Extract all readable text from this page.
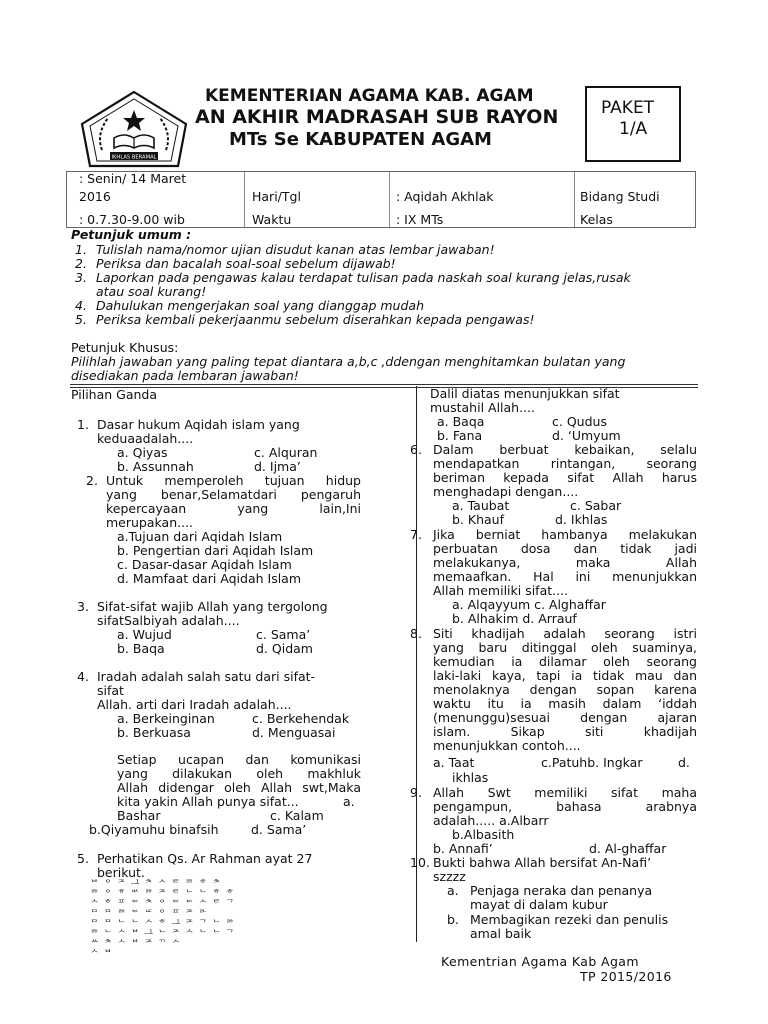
IKHLAS BERAMAL
KEMENTERIAN AGAMA KAB. AGAM
AN AKHIR MADRASAH SUB RAYON
MTs Se KABUPATEN AGAM
PAKET
1/A
: Senin/ 14 Maret
2016	Hari/Tgl	: Aqidah Akhlak	Bidang Studi
: 0.7.30-9.00 wib	Waktu	: IX MTs	Kelas
Petunjuk umum :
1. Tulislah nama/nomor ujian disudut kanan atas lembar jawaban!
2. Periksa dan bacalah soal-soal sebelum dijawab!
3. Laporkan pada pengawas kalau terdapat tulisan pada naskah soal kurang jelas,rusak
atau soal kurang!
4. Dahulukan mengerjakan soal yang dianggap mudah
5. Periksa kembali pekerjaanmu sebelum diserahkan kepada pengawas!
Petunjuk Khusus:
Pilihlah jawaban yang paling tepat diantara a,b,c ,ddengan menghitamkan bulatan yang
disediakan pada lembaran jawaban!
Pilihan Ganda
1. Dasar hukum Aqidah islam yang
keduaadalah....
a. Qiyas	c. Alquran
b. Assunnah	d. Ijma’
2. Untuk memperoleh tujuan hidup
yang benar,Selamatdari pengaruh
kepercayaan yang lain,Ini
merupakan....
a.Tujuan dari Aqidah Islam
b. Pengertian dari Aqidah Islam
c. Dasar-dasar Aqidah Islam
d. Mamfaat dari Aqidah Islam
3. Sifat-sifat wajib Allah yang tergolong
sifatSalbiyah adalah....
a. Wujud	c. Sama’
b. Baqa	d. Qidam
4. Iradah adalah salah satu dari sifat-
sifat
Allah. arti dari Iradah adalah....
a. Berkeinginan	c. Berkehendak
b. Berkuasa	d. Menguasai
Setiap ucapan dan komunikasi
yang dilakukan oleh makhluk
Allah didengar oleh Allah swt,Maka
kita yakin Allah punya sifat...	a.
Bashar	c. Kalam
b.Qiyamuhu binafsih	d. Sama’
5. Perhatikan Qs. Ar Rahman ayat 27
berikut.
ᄇ ᄋ ᄌ ᆜ ᄎ ᄉ ᄐ ᄙ ᄒ ᄎ
ᄚ ᄋ ᄒ ᄡ ᄚ ᄌ ᄐ ᄂ ᄂ ᄒ ᄒ
ᄉ ᄒ ᄑ ᄃ ᄎ ᄋ ᄃ ᄃ ᄉ ᄐ ᄀ
ᄆ ᄆ ᄚ ᄃ ᄕ ᄋ ᄑ ᄌ ᄘ
ᄆ ᄆ ᄂ ᄂ ᄉ ᄒ ᆜ ᄌ ᄀ ᄂ ᄚ
ᄚ ᄂ ᄉ ᄇ ᆜ ᄂ ᄌ ᄉ ᄂ ᄂ ᄀ
ᄊ ᄎ ᄉ ᄇ ᄌ ᄁ ᄉ
ᄉ ᄇ
Dalil diatas menunjukkan sifat
mustahil Allah....
a. Baqa	c. Qudus
b. Fana	d. ‘Umyum
6. Dalam berbuat kebaikan, selalu
mendapatkan rintangan, seorang
beriman kepada sifat Allah harus
menghadapi dengan....
a. Taubat	c. Sabar
b. Khauf	d. Ikhlas
7. Jika berniat hambanya melakukan
perbuatan dosa dan tidak jadi
melakukanya, maka Allah
memaafkan. Hal ini menunjukkan
Allah memiliki sifat....
a. Alqayyum c. Alghaffar
b. Alhakim d. Arrauf
8. Siti khadijah adalah seorang istri
yang baru ditinggal oleh suaminya,
kemudian ia dilamar oleh seorang
laki-laki kaya, tapi ia tidak mau dan
menolaknya dengan sopan karena
waktu itu ia masih dalam ‘iddah
(menunggu)sesuai dengan ajaran
islam. Sikap siti khadijah
menunjukkan contoh....
a. Taat	c.Patuhb. Ingkar	d.
ikhlas
9. Allah Swt memiliki sifat maha
pengampun, bahasa arabnya
adalah..... a.Albarr
b.Albasith
b. Annafi’	d. Al-ghaffar
10. Bukti bahwa Allah bersifat An-Nafi’
szzzz
a. Penjaga neraka dan penanya
mayat di dalam kubur
b. Membagikan rezeki dan penulis
amal baik
Kementrian Agama Kab Agam
TP 2015/2016
